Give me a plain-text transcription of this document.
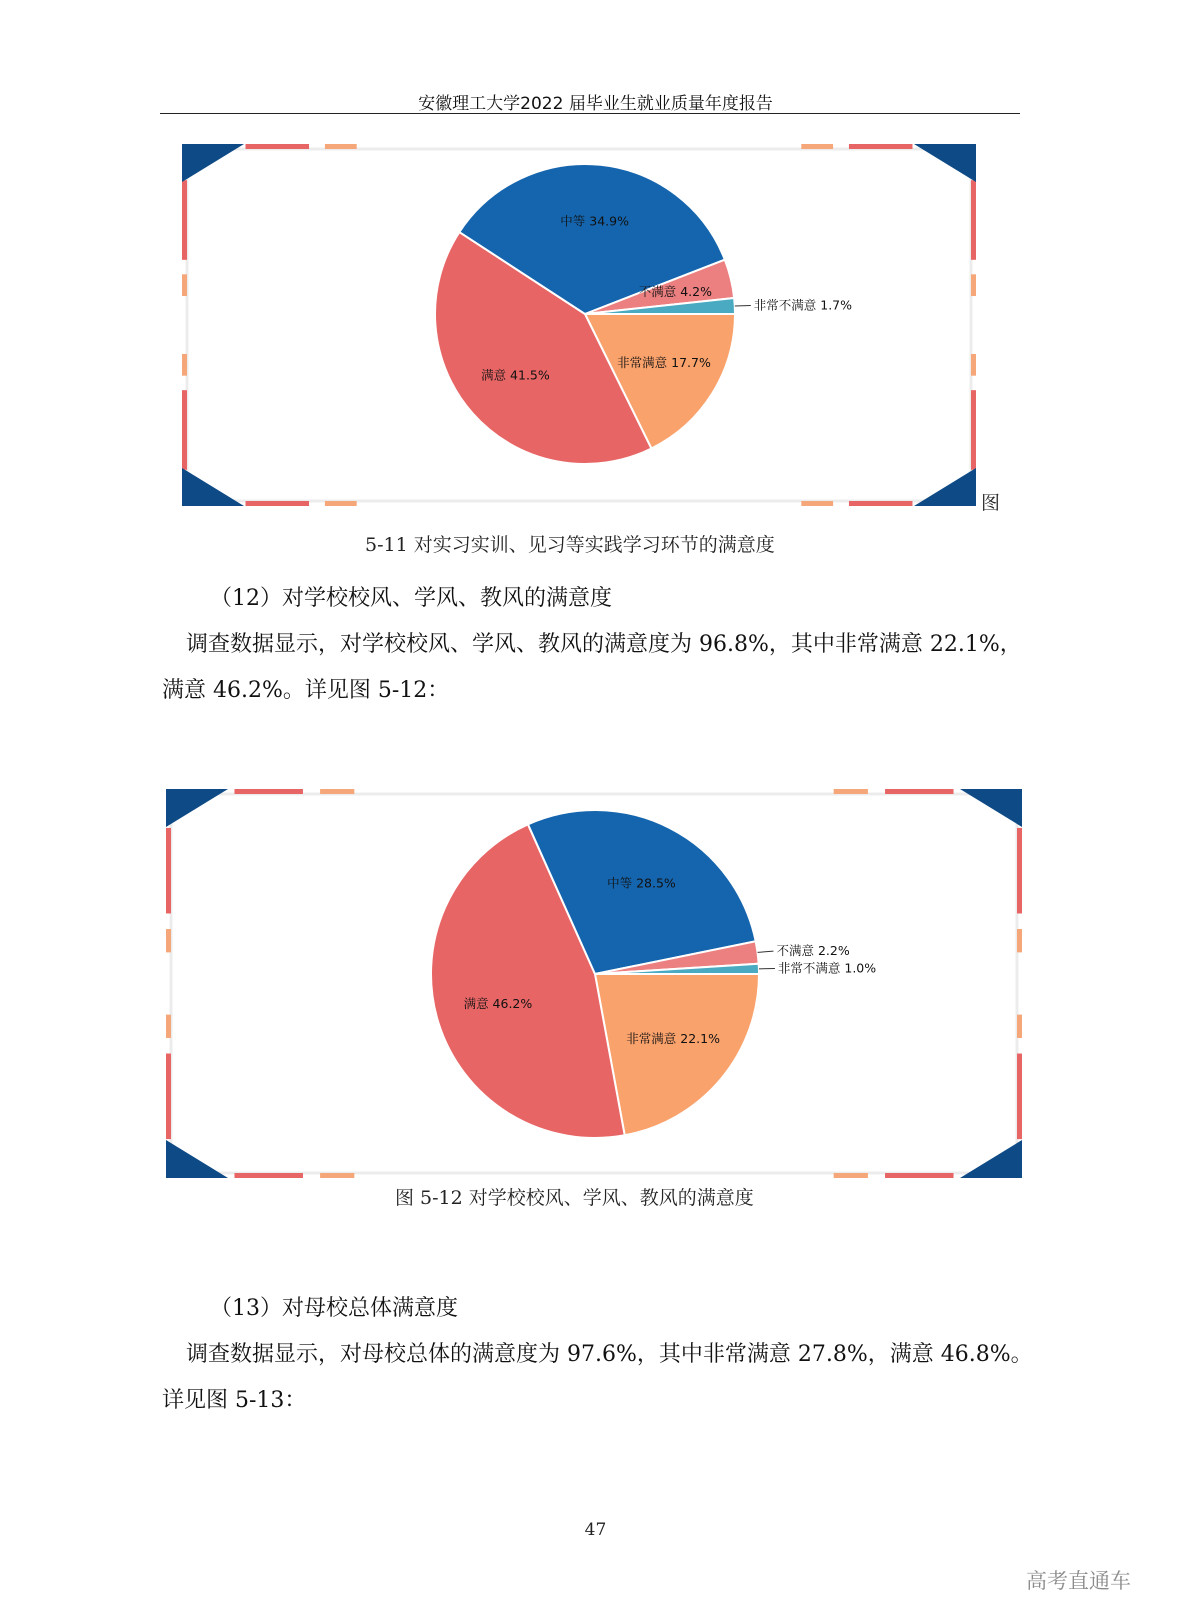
安徽理工大学2022 届毕业生就业质量年度报告
非常满意 17.7%
满意 41.5%
中等 34.9%
不满意 4.2%
非常不满意 1.7%
图
5-11 对实习实训、见习等实践学习环节的满意度
（12）对学校校风、学风、教风的满意度
调查数据显示，对学校校风、学风、教风的满意度为 96.8%，其中非常满意 22.1%，
满意 46.2%。详见图 5-12：
非常满意 22.1%
满意 46.2%
中等 28.5%
不满意 2.2%
非常不满意 1.0%
图 5-12 对学校校风、学风、教风的满意度
（13）对母校总体满意度
调查数据显示，对母校总体的满意度为 97.6%，其中非常满意 27.8%，满意 46.8%。
详见图 5-13：
47
高考直通车
